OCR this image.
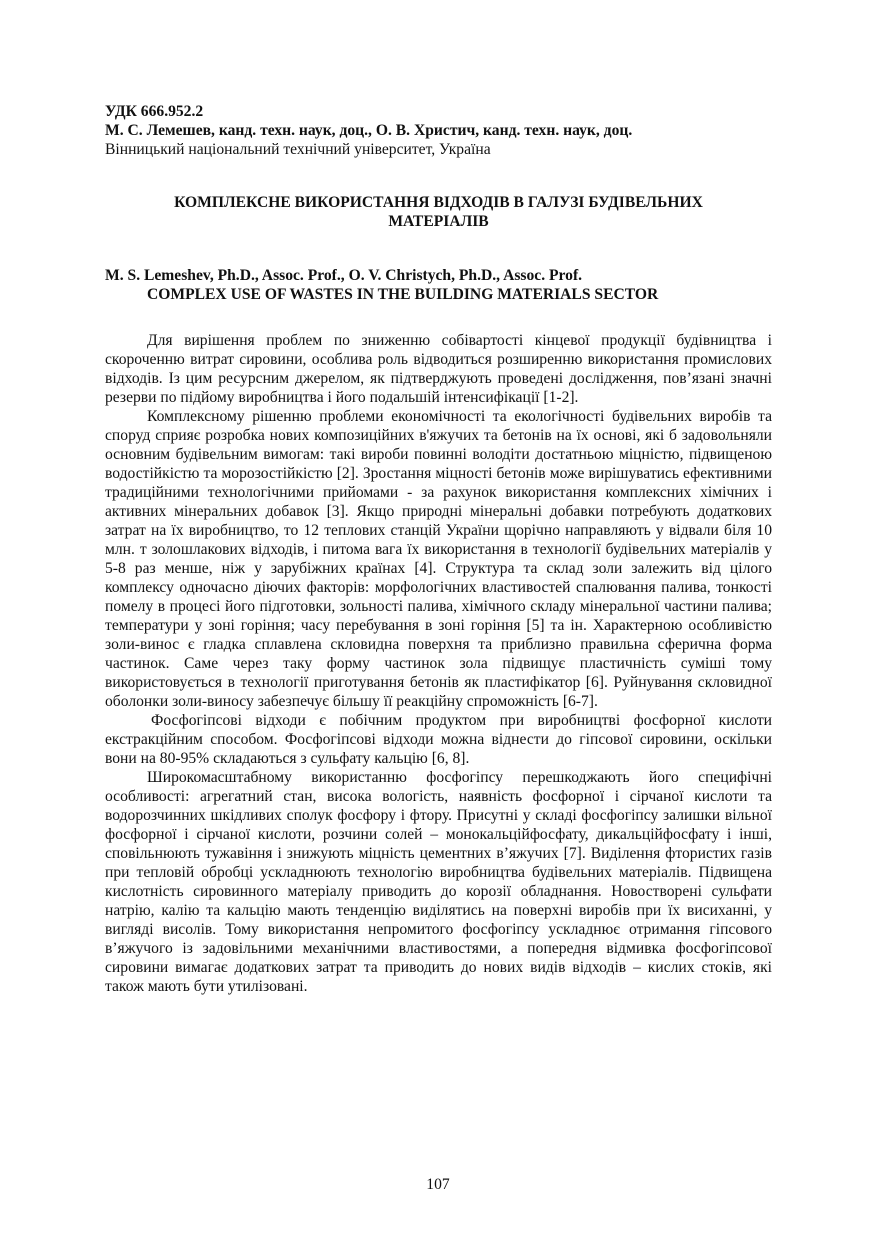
УДК 666.952.2

М. С. Лемешев, канд. техн. наук, доц., О. В. Христич, канд. техн. наук, доц.

Вінницький національний технічний університет, Україна

КОМПЛЕКСНЕ ВИКОРИСТАННЯ ВІДХОДІВ В ГАЛУЗІ БУДІВЕЛЬНИХ МАТЕРІАЛІВ

M. S. Lemeshev, Ph.D., Assoc. Prof., O. V. Christych, Ph.D., Assoc. Prof.

COMPLEX USE OF WASTES IN THE BUILDING MATERIALS SECTOR

Для вирішення проблем по зниженню собівартості кінцевої продукції будівництва і скороченню витрат сировини, особлива роль відводиться розширенню використання промислових відходів. Із цим ресурсним джерелом, як підтверджують проведені дослідження, пов’язані значні резерви по підйому виробництва і його подальшій інтенсифікації [1-2].

Комплексному рішенню проблеми економічності та екологічності будівельних виробів та споруд сприяє розробка нових композиційних в'яжучих та бетонів на їх основі, які б задовольняли основним будівельним вимогам: такі вироби повинні володіти достатньою міцністю, підвищеною водостійкістю та морозостійкістю [2]. Зростання міцності бетонів може вирішуватись ефективними традиційними технологічними прийомами - за рахунок використання комплексних хімічних і активних мінеральних добавок [3]. Якщо природні мінеральні добавки потребують додаткових затрат на їх виробництво, то 12 теплових станцій України щорічно направляють у відвали біля 10 млн. т золошлакових відходів, і питома вага їх використання в технології будівельних матеріалів у 5-8 раз менше, ніж у зарубіжних країнах [4]. Структура та склад золи залежить від цілого комплексу одночасно діючих факторів: морфологічних властивостей спалювання палива, тонкості помелу в процесі його підготовки, зольності палива, хімічного складу мінеральної частини палива; температури у зоні горіння; часу перебування в зоні горіння [5] та ін. Характерною особливістю золи-винос є гладка сплавлена скловидна поверхня та приблизно правильна сферична форма частинок. Саме через таку форму частинок зола підвищує пластичність суміші тому використовується в технології приготування бетонів як пластифікатор [6]. Руйнування скловидної оболонки золи-виносу забезпечує більшу її реакційну спроможність [6-7].

Фосфогіпсові відходи є побічним продуктом при виробництві фосфорної кислоти екстракційним способом. Фосфогіпсові відходи можна віднести до гіпсової сировини, оскільки вони на 80-95% складаються з сульфату кальцію [6, 8].

Широкомасштабному використанню фосфогіпсу перешкоджають його специфічні особливості: агрегатний стан, висока вологість, наявність фосфорної і сірчаної кислоти та водорозчинних шкідливих сполук фосфору і фтору. Присутні у складі фосфогіпсу залишки вільної фосфорної і сірчаної кислоти, розчини солей – монокальційфосфату, дикальційфосфату і інші, сповільнюють тужавіння і знижують міцність цементних в’яжучих [7]. Виділення фтористих газів при тепловій обробці ускладнюють технологію виробництва будівельних матеріалів. Підвищена кислотність сировинного матеріалу приводить до корозії обладнання. Новостворені сульфати натрію, калію та кальцію мають тенденцію виділятись на поверхні виробів при їх висиханні, у вигляді висолів. Тому використання непромитого фосфогіпсу ускладнює отримання гіпсового в’яжучого із задовільними механічними властивостями, а попередня відмивка фосфогіпсової сировини вимагає додаткових затрат та приводить до нових видів відходів – кислих стоків, які також мають бути утилізовані.

107
